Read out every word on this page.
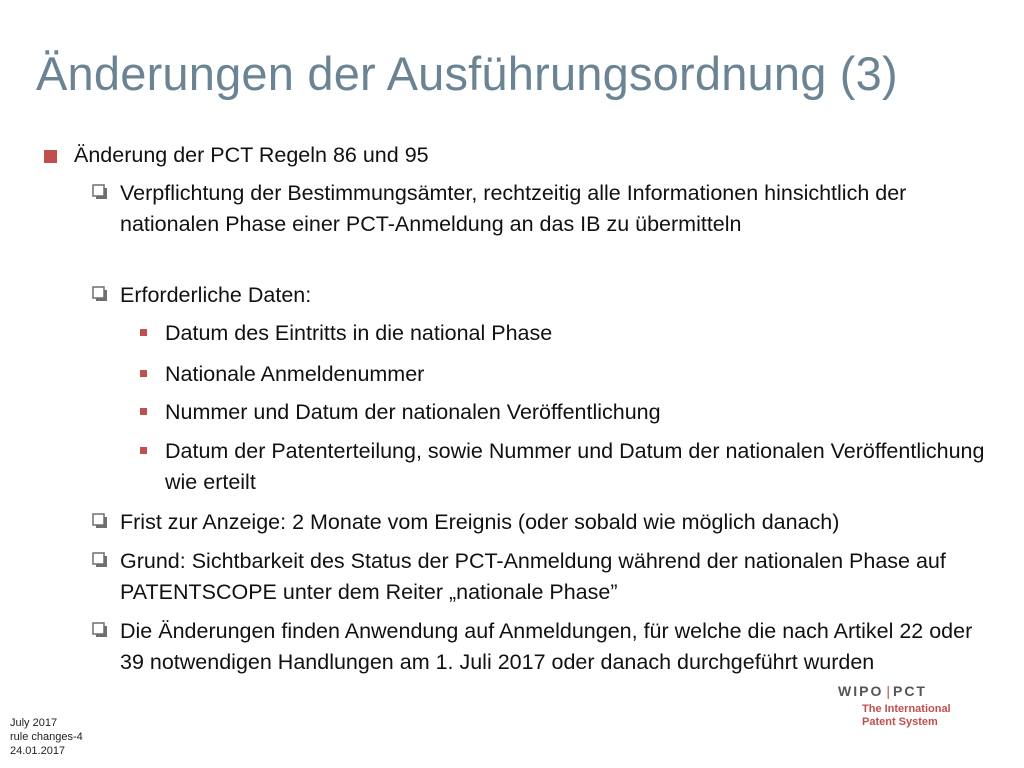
Änderungen der Ausführungsordnung (3)
Änderung der PCT Regeln 86 und 95
Verpflichtung der Bestimmungsämter, rechtzeitig alle Informationen hinsichtlich der nationalen Phase einer PCT-Anmeldung an das IB zu übermitteln
Erforderliche Daten:
Datum des Eintritts in die national Phase
Nationale Anmeldenummer
Nummer und Datum der nationalen Veröffentlichung
Datum der Patenterteilung, sowie Nummer und Datum der nationalen Veröffentlichung wie erteilt
Frist zur Anzeige: 2 Monate vom Ereignis (oder sobald wie möglich danach)
Grund: Sichtbarkeit des Status der PCT-Anmeldung während der nationalen Phase auf PATENTSCOPE unter dem Reiter „nationale Phase”
Die Änderungen finden Anwendung auf Anmeldungen, für welche die nach Artikel 22 oder 39 notwendigen Handlungen am 1. Juli 2017 oder danach durchgeführt wurden
July 2017
rule changes-4
24.01.2017
WIPO | PCT
The International
Patent System
